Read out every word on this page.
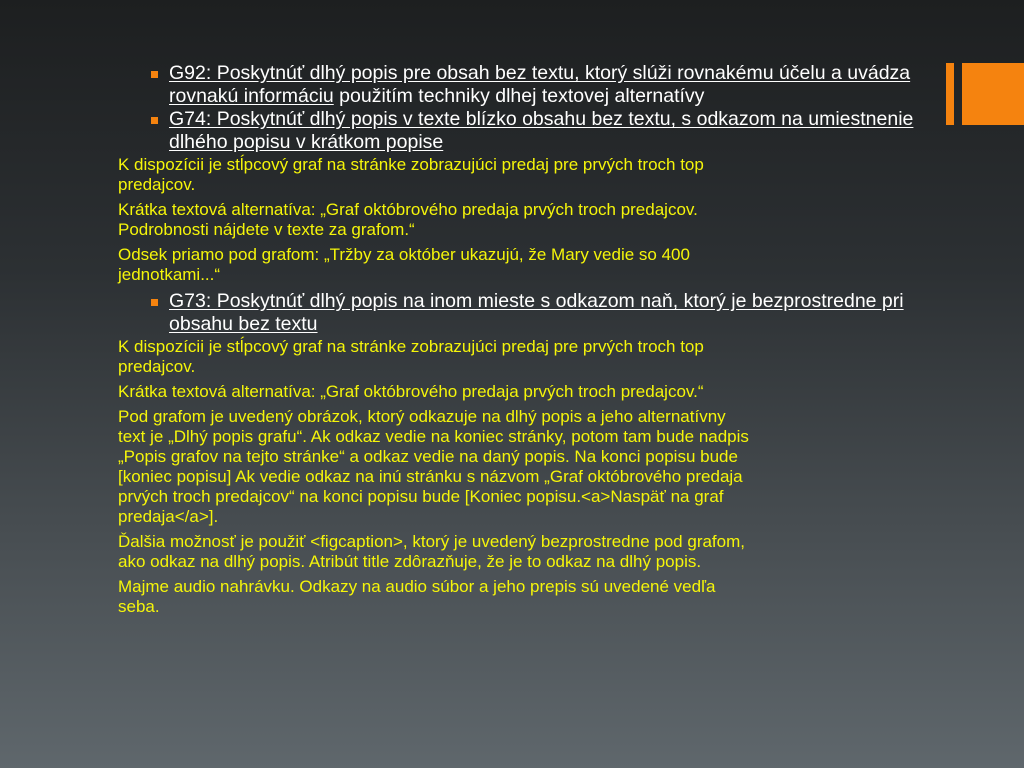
G92: Poskytnúť dlhý popis pre obsah bez textu, ktorý slúži rovnakému účelu a uvádza rovnakú informáciu použitím techniky dlhej textovej alternatívy
G74: Poskytnúť dlhý popis v texte blízko obsahu bez textu, s odkazom na umiestnenie dlhého popisu v krátkom popise
K dispozícii je stĺpcový graf na stránke zobrazujúci predaj pre prvých troch top
predajcov.
Krátka textová alternatíva: „Graf októbrového predaja prvých troch predajcov.
Podrobnosti nájdete v texte za grafom.“
Odsek priamo pod grafom: „Tržby za október ukazujú, že Mary vedie so 400
jednotkami...“
G73: Poskytnúť dlhý popis na inom mieste s odkazom naň, ktorý je bezprostredne pri obsahu bez textu
K dispozícii je stĺpcový graf na stránke zobrazujúci predaj pre prvých troch top
predajcov.
Krátka textová alternatíva: „Graf októbrového predaja prvých troch predajcov.“
Pod grafom je uvedený obrázok, ktorý odkazuje na dlhý popis a jeho alternatívny
text je „Dlhý popis grafu“. Ak odkaz vedie na koniec stránky, potom tam bude nadpis
„Popis grafov na tejto stránke“ a odkaz vedie na daný popis. Na konci popisu bude
[koniec popisu] Ak vedie odkaz na inú stránku s názvom „Graf októbrového predaja
prvých troch predajcov“ na konci popisu bude [Koniec popisu.<a>Naspäť na graf
predaja</a>].
Ďalšia možnosť je použiť <figcaption>, ktorý je uvedený bezprostredne pod grafom,
ako odkaz na dlhý popis. Atribút title zdôrazňuje, že je to odkaz na dlhý popis.
Majme audio nahrávku. Odkazy na audio súbor a jeho prepis sú uvedené vedľa
seba.
